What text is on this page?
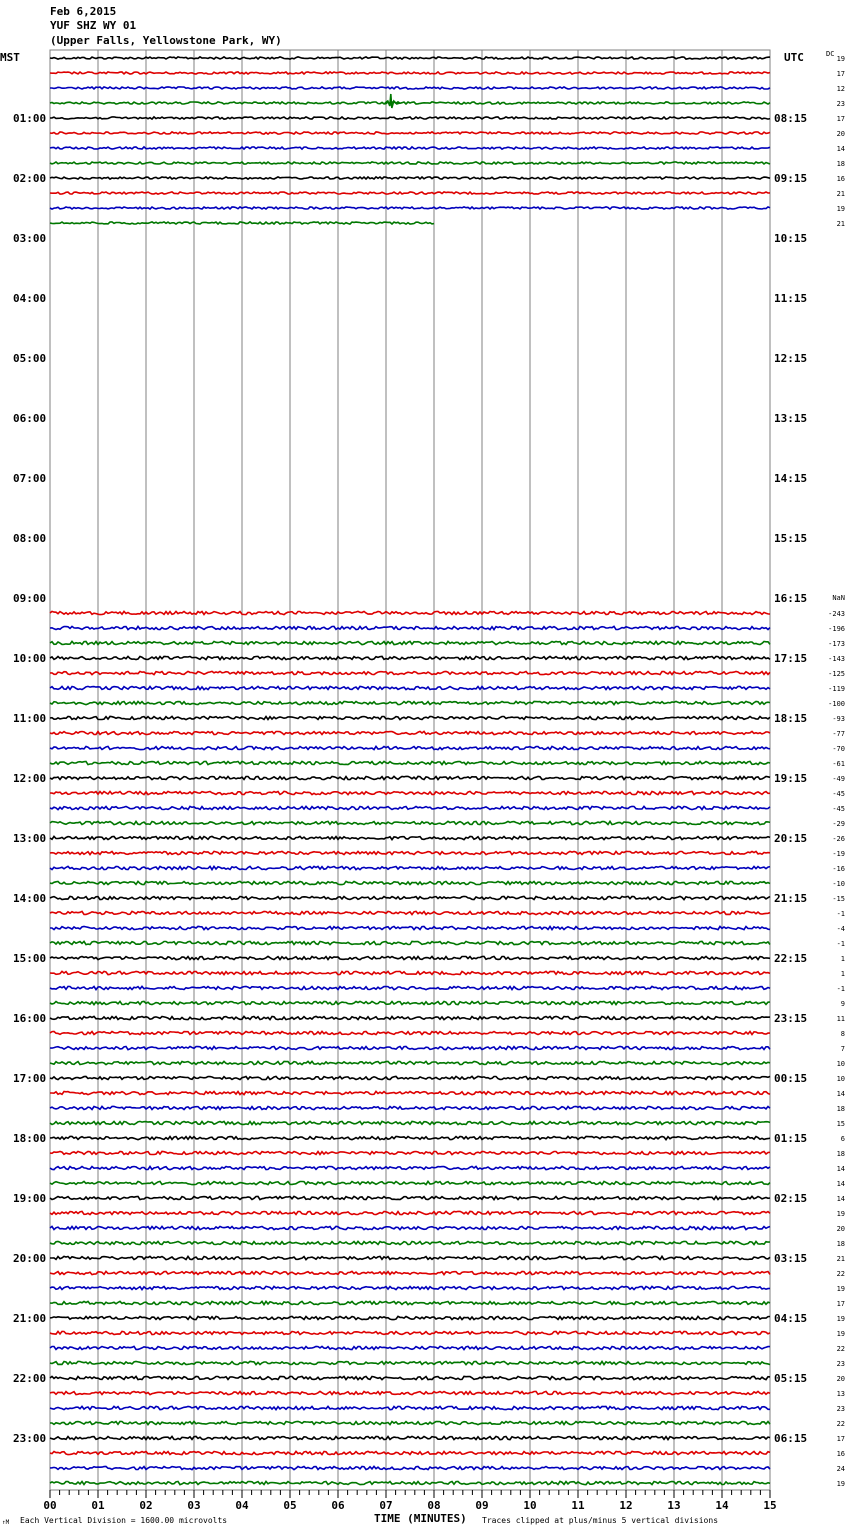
Feb 6,2015
YUF SHZ WY 01
(Upper Falls, Yellowstone Park, WY)
MST	UTC
01:00
02:00
03:00
04:00
05:00
06:00
07:00
08:00
09:00
10:00
11:00
12:00
13:00
14:00
15:00
16:00
17:00
18:00
19:00
20:00
21:00
22:00
23:00
08:15
09:15
10:15
11:15
12:15
13:15
14:15
15:15
16:15
17:15
18:15
19:15
20:15
21:15
22:15
23:15
00:15
01:15
02:15
03:15
04:15
05:15
06:15
DC
19
17
12
23
17
20
14
18
16
21
19
21
NaN
-243
-196
-173
-143
-125
-119
-100
-93
-77
-70
-61
-49
-45
-45
-29
-26
-19
-16
-10
-15
-1
-4
-1
1
1
-1
9
11
8
7
10
10
14
18
15
6
18
14
14
14
19
20
18
21
22
19
17
19
19
22
23
20
13
23
22
17
16
24
19
00	01	02	03	04	05	06	07	08	09	10	11	12	13	14	15
↑M Each Vertical Division = 1600.00 microvolts	TIME (MINUTES) Traces clipped at plus/minus 5 vertical divisions
